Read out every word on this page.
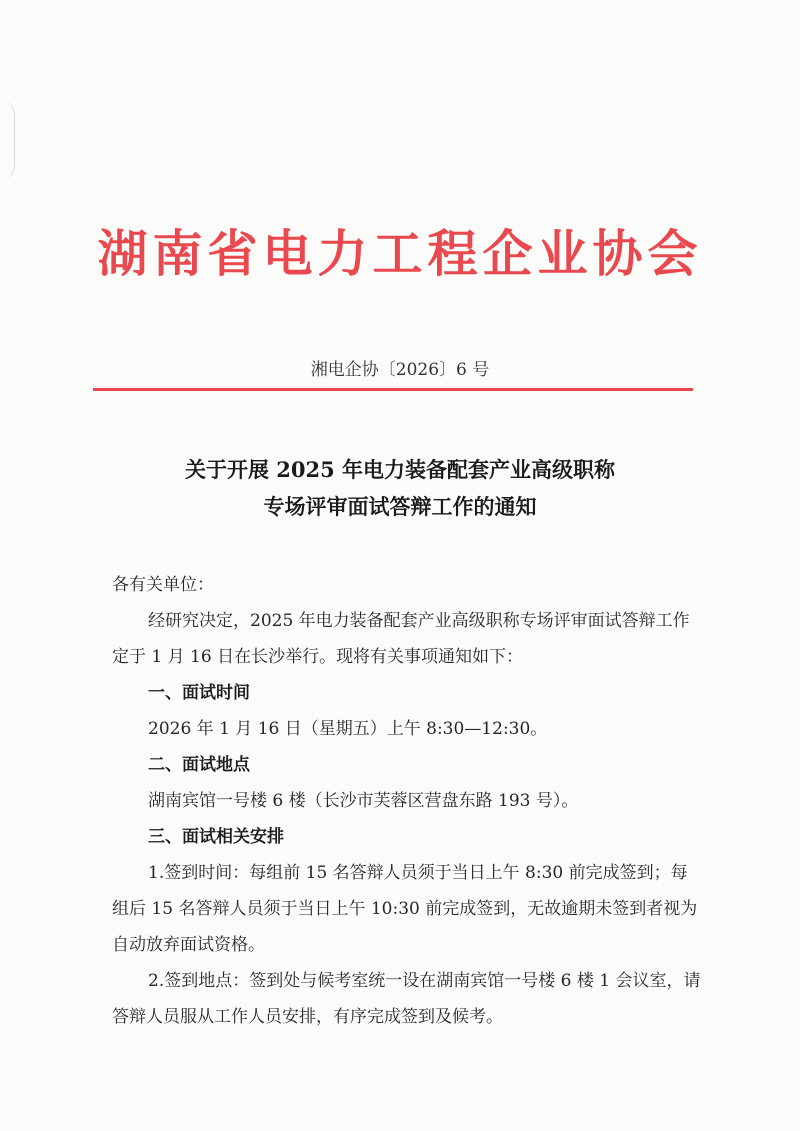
湖南省电力工程企业协会
湘电企协〔2026〕6 号
关于开展 2025 年电力装备配套产业高级职称
专场评审面试答辩工作的通知

各有关单位：

经研究决定，2025 年电力装备配套产业高级职称专场评审面试答辩工作定于 1 月 16 日在长沙举行。现将有关事项通知如下：

一、面试时间

2026 年 1 月 16 日（星期五）上午 8:30—12:30。

二、面试地点

湖南宾馆一号楼 6 楼（长沙市芙蓉区营盘东路 193 号）。

三、面试相关安排

1.签到时间：每组前 15 名答辩人员须于当日上午 8:30 前完成签到；每组后 15 名答辩人员须于当日上午 10:30 前完成签到，无故逾期未签到者视为自动放弃面试资格。

2.签到地点：签到处与候考室统一设在湖南宾馆一号楼 6 楼 1 会议室，请答辩人员服从工作人员安排，有序完成签到及候考。
